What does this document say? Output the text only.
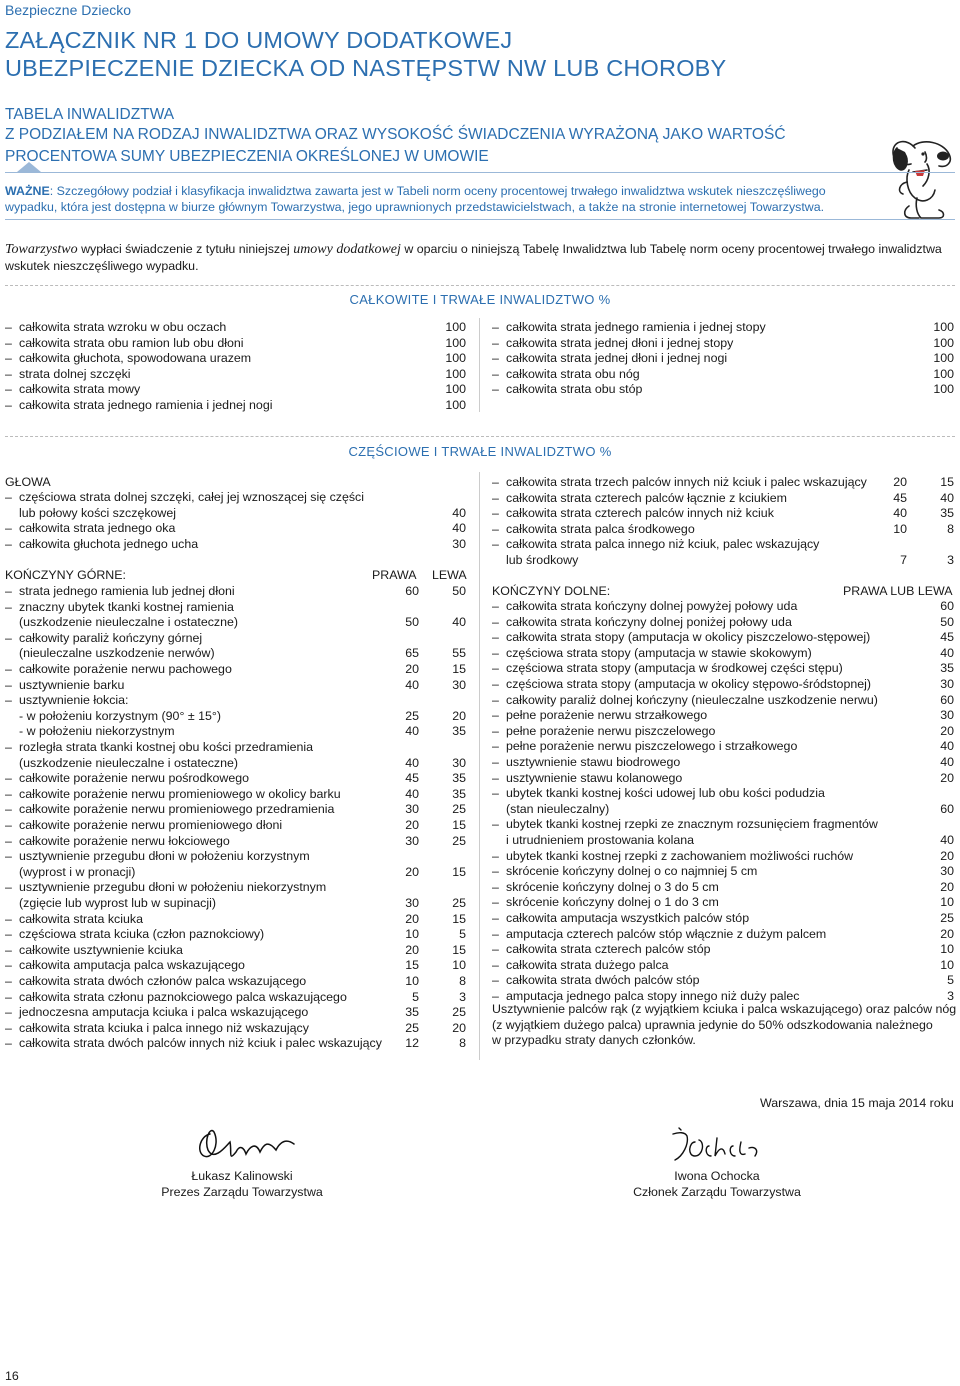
Bezpieczne Dziecko
ZAŁĄCZNIK NR 1 DO UMOWY DODATKOWEJ
UBEZPIECZENIE DZIECKA OD NASTĘPSTW NW LUB CHOROBY
TABELA INWALIDZTWA
Z PODZIAŁEM NA RODZAJ INWALIDZTWA ORAZ WYSOKOŚĆ ŚWIADCZENIA WYRAŻONĄ JAKO WARTOŚĆ
PROCENTOWA SUMY UBEZPIECZENIA OKREŚLONEJ W UMOWIE
WAŻNE: Szczegółowy podział i klasyfikacja inwalidztwa zawarta jest w Tabeli norm oceny procentowej trwałego inwalidztwa wskutek nieszczęśliwego wypadku, która jest dostępna w biurze głównym Towarzystwa, jego uprawnionych przedstawicielstwach, a także na stronie internetowej Towarzystwa.
Towarzystwo wypłaci świadczenie z tytułu niniejszej umowy dodatkowej w oparciu o niniejszą Tabelę Inwalidztwa lub Tabelę norm oceny procentowej trwałego inwalidztwa wskutek nieszczęśliwego wypadku.
CAŁKOWITE I TRWAŁE INWALIDZTWO %
– całkowita strata wzroku w obu oczach	100
– całkowita strata obu ramion lub obu dłoni	100
– całkowita głuchota, spowodowana urazem	100
– strata dolnej szczęki	100
– całkowita strata mowy	100
– całkowita strata jednego ramienia i jednej nogi	100
– całkowita strata jednego ramienia i jednej stopy	100
– całkowita strata jednej dłoni i jednej stopy	100
– całkowita strata jednej dłoni i jednej nogi	100
– całkowita strata obu nóg	100
– całkowita strata obu stóp	100
CZĘŚCIOWE I TRWAŁE INWALIDZTWO %
GŁOWA
– częściowa strata dolnej szczęki, całej jej wznoszącej się części
lub połowy kości szczękowej	40
– całkowita strata jednego oka	40
– całkowita głuchota jednego ucha	30
KOŃCZYNY GÓRNE:	PRAWA LEWA
– strata jednego ramienia lub jednej dłoni	60	50
– znaczny ubytek tkanki kostnej ramienia
(uszkodzenie nieuleczalne i ostateczne)	50	40
– całkowity paraliż kończyny górnej
(nieuleczalne uszkodzenie nerwów)	65	55
– całkowite porażenie nerwu pachowego	20	15
– usztywnienie barku	40	30
– usztywnienie łokcia:
- w położeniu korzystnym (90° ± 15°)	25	20
- w położeniu niekorzystnym	40	35
– rozległa strata tkanki kostnej obu kości przedramienia
(uszkodzenie nieuleczalne i ostateczne)	40	30
– całkowite porażenie nerwu pośrodkowego	45	35
– całkowite porażenie nerwu promieniowego w okolicy barku	40	35
– całkowite porażenie nerwu promieniowego przedramienia	30	25
– całkowite porażenie nerwu promieniowego dłoni	20	15
– całkowite porażenie nerwu łokciowego	30	25
– usztywnienie przegubu dłoni w położeniu korzystnym
(wyprost i w pronacji)	20	15
– usztywnienie przegubu dłoni w położeniu niekorzystnym
(zgięcie lub wyprost lub w supinacji)	30	25
– całkowita strata kciuka	20	15
– częściowa strata kciuka (człon paznokciowy)	10	5
– całkowite usztywnienie kciuka	20	15
– całkowita amputacja palca wskazującego	15	10
– całkowita strata dwóch członów palca wskazującego	10	8
– całkowita strata członu paznokciowego palca wskazującego	5	3
– jednoczesna amputacja kciuka i palca wskazującego	35	25
– całkowita strata kciuka i palca innego niż wskazujący	25	20
– całkowita strata dwóch palców innych niż kciuk i palec wskazujący	12	8
– całkowita strata trzech palców innych niż kciuk i palec wskazujący	20	15
– całkowita strata czterech palców łącznie z kciukiem	45	40
– całkowita strata czterech palców innych niż kciuk	40	35
– całkowita strata palca środkowego	10	8
– całkowita strata palca innego niż kciuk, palec wskazujący
lub środkowy	7	3
KOŃCZYNY DOLNE:	PRAWA LUB LEWA
– całkowita strata kończyny dolnej powyżej połowy uda	60
– całkowita strata kończyny dolnej poniżej połowy uda	50
– całkowita strata stopy (amputacja w okolicy piszczelowo-stępowej)	45
– częściowa strata stopy (amputacja w stawie skokowym)	40
– częściowa strata stopy (amputacja w środkowej części stępu)	35
– częściowa strata stopy (amputacja w okolicy stępowo-śródstopnej)	30
– całkowity paraliż dolnej kończyny (nieuleczalne uszkodzenie nerwu)	60
– pełne porażenie nerwu strzałkowego	30
– pełne porażenie nerwu piszczelowego	20
– pełne porażenie nerwu piszczelowego i strzałkowego	40
– usztywnienie stawu biodrowego	40
– usztywnienie stawu kolanowego	20
– ubytek tkanki kostnej kości udowej lub obu kości podudzia
(stan nieuleczalny)	60
– ubytek tkanki kostnej rzepki ze znacznym rozsunięciem fragmentów
i utrudnieniem prostowania kolana	40
– ubytek tkanki kostnej rzepki z zachowaniem możliwości ruchów	20
– skrócenie kończyny dolnej o co najmniej 5 cm	30
– skrócenie kończyny dolnej o 3 do 5 cm	20
– skrócenie kończyny dolnej o 1 do 3 cm	10
– całkowita amputacja wszystkich palców stóp	25
– amputacja czterech palców stóp włącznie z dużym palcem	20
– całkowita strata czterech palców stóp	10
– całkowita strata dużego palca	10
– całkowita strata dwóch palców stóp	5
– amputacja jednego palca stopy innego niż duży palec	3
Usztywnienie palców rąk (z wyjątkiem kciuka i palca wskazującego) oraz palców nóg
(z wyjątkiem dużego palca) uprawnia jedynie do 50% odszkodowania należnego
w przypadku straty danych członków.
Warszawa, dnia 15 maja 2014 roku
Łukasz Kalinowski
Prezes Zarządu Towarzystwa
Iwona Ochocka
Członek Zarządu Towarzystwa
16
